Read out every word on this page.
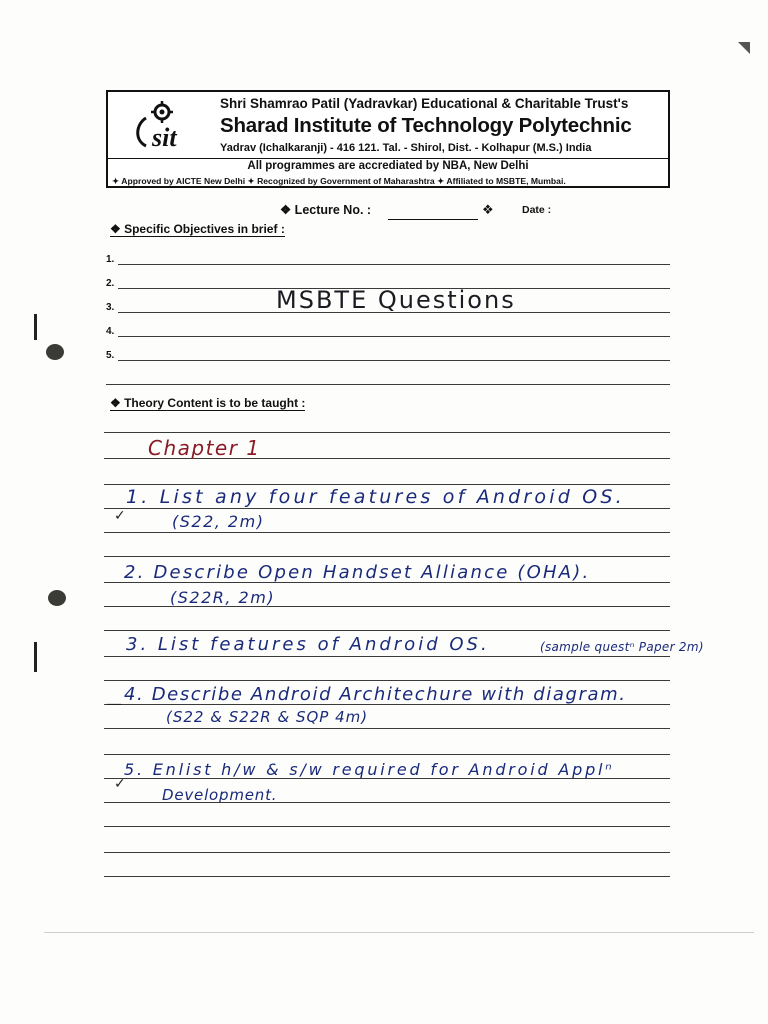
sit
Shri Shamrao Patil (Yadravkar) Educational & Charitable Trust's
Sharad Institute of Technology Polytechnic
Yadrav (Ichalkaranji) - 416 121. Tal. - Shirol, Dist. - Kolhapur (M.S.) India
All programmes are accrediated by NBA, New Delhi
✦ Approved by AICTE New Delhi ✦ Recognized by Government of Maharashtra ✦ Affiliated to MSBTE, Mumbai.
❖ Lecture No. :	❖	Date :
❖ Specific Objectives in brief :
1.
2.
3.
4.
5.
MSBTE Questions
❖ Theory Content is to be taught :
Chapter 1
1. List any four features of Android OS.
(S22, 2m)
✓
2. Describe Open Handset Alliance (OHA).
(S22R, 2m)
3. List features of Android OS.	(sample questⁿ Paper 2m)
4. Describe Android Architechure with diagram.
(S22 & S22R & SQP 4m)
—
5. Enlist h/w & s/w required for Android Applⁿ
Development.
✓
